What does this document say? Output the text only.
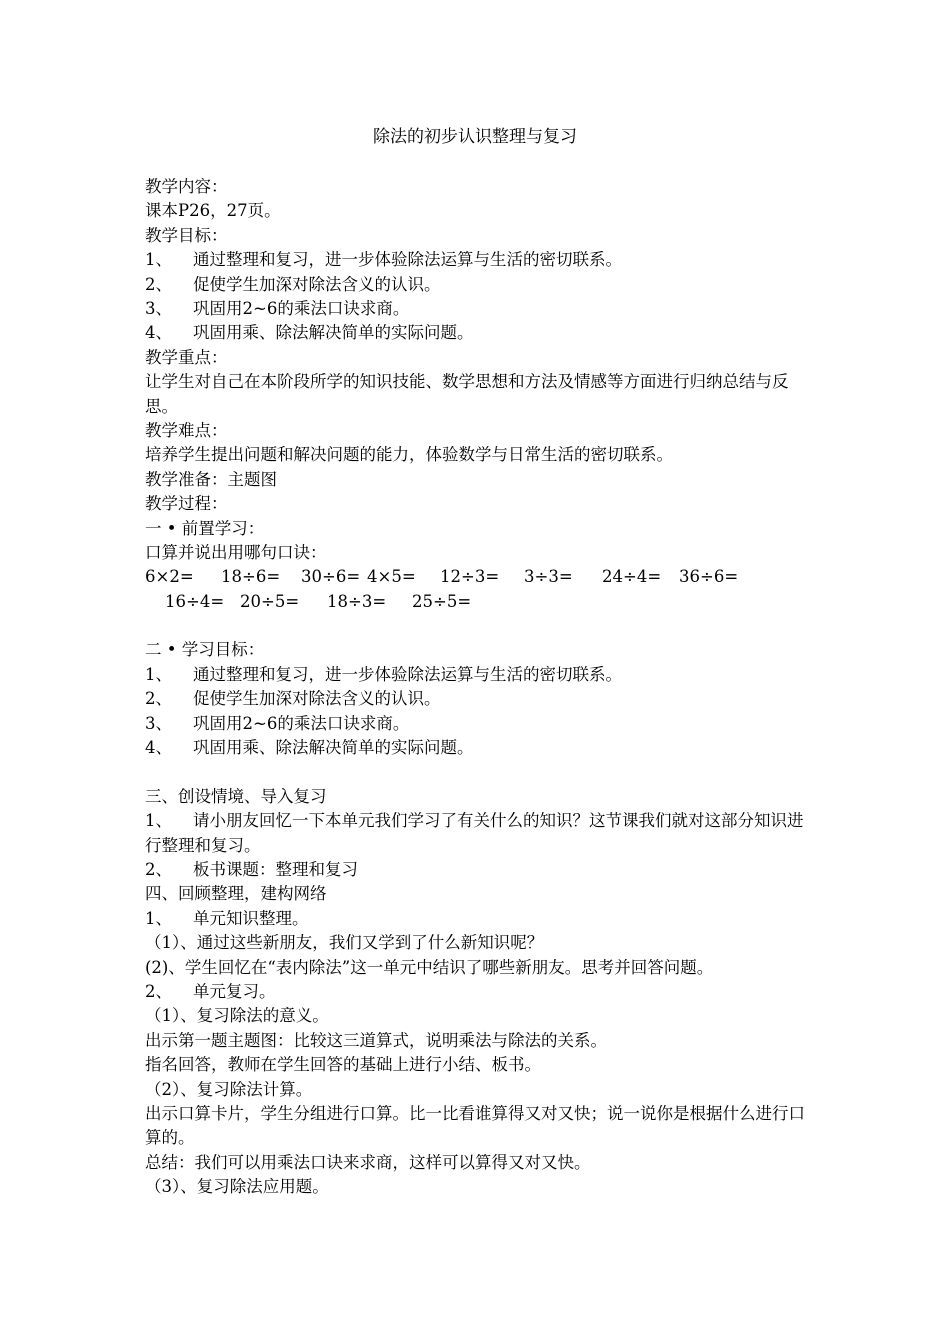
除法的初步认识整理与复习
教学内容：
课本P26，27页。
教学目标：
1、 通过整理和复习，进一步体验除法运算与生活的密切联系。
2、 促使学生加深对除法含义的认识。
3、 巩固用2~6的乘法口诀求商。
4、 巩固用乘、除法解决简单的实际问题。
教学重点：
让学生对自己在本阶段所学的知识技能、数学思想和方法及情感等方面进行归纳总结与反思。
教学难点：
培养学生提出问题和解决问题的能力，体验数学与日常生活的密切联系。
教学准备：主题图
教学过程：
一 • 前置学习：
口算并说出用哪句口诀：
6×2= 18÷6= 30÷6= 4×5= 12÷3= 3÷3= 24÷4= 36÷6=
16÷4= 20÷5= 18÷3= 25÷5=
二 • 学习目标：
1、 通过整理和复习，进一步体验除法运算与生活的密切联系。
2、 促使学生加深对除法含义的认识。
3、 巩固用2~6的乘法口诀求商。
4、 巩固用乘、除法解决简单的实际问题。
三、创设情境、导入复习
1、 请小朋友回忆一下本单元我们学习了有关什么的知识？这节课我们就对这部分知识进行整理和复习。
2、 板书课题：整理和复习
四、回顾整理，建构网络
1、 单元知识整理。
（1）、通过这些新朋友，我们又学到了什么新知识呢？
(2)、学生回忆在“表内除法”这一单元中结识了哪些新朋友。思考并回答问题。
2、 单元复习。
（1）、复习除法的意义。
出示第一题主题图：比较这三道算式，说明乘法与除法的关系。
指名回答，教师在学生回答的基础上进行小结、板书。
（2）、复习除法计算。
出示口算卡片，学生分组进行口算。比一比看谁算得又对又快；说一说你是根据什么进行口算的。
总结：我们可以用乘法口诀来求商，这样可以算得又对又快。
（3）、复习除法应用题。
